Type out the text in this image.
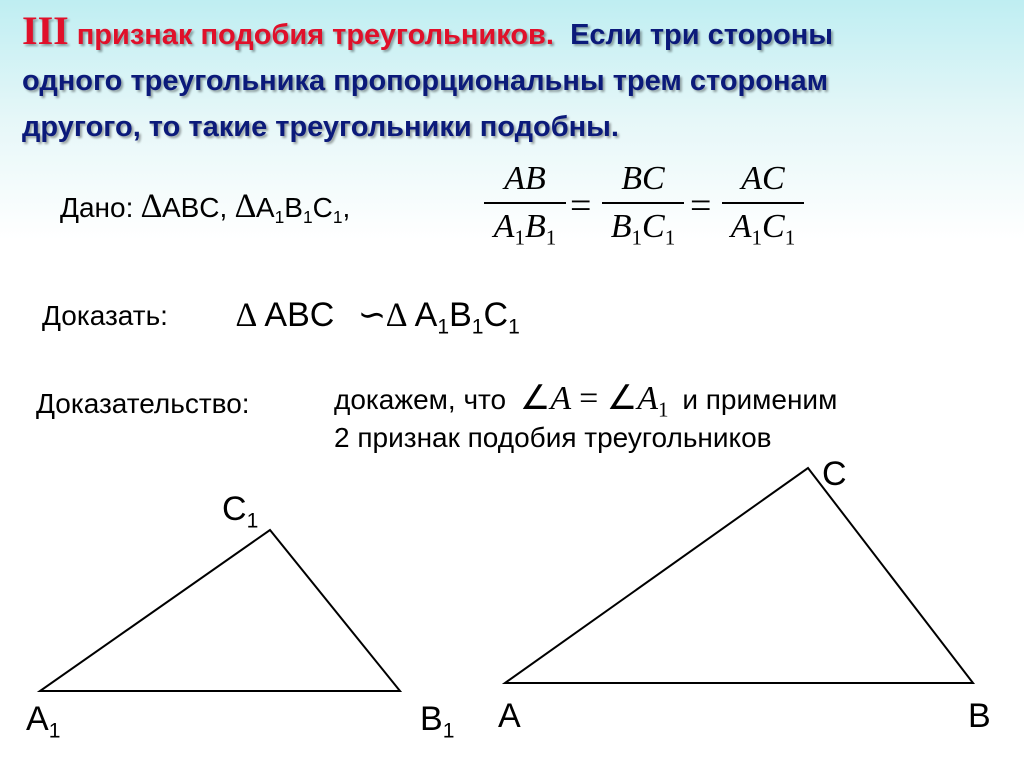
III признак подобия треугольников. Если три стороны
одного треугольника пропорциональны трем сторонам
другого, то такие треугольники подобны.
Дано: ∆ABC, $\Delta A_1B_1C_1$,
AB
$A_1B_1$
=
BC
$B_1C_1$
=
AC
$A_1C_1$
Доказать: ∆ ABC ∽∆ $A_1B_1C_1$
Доказательство:	докажем, что ∠A = $\angle A_1$ и применим
2 признак подобия треугольников
$C_1$
$A_1$	$B_1$
C
A	B
